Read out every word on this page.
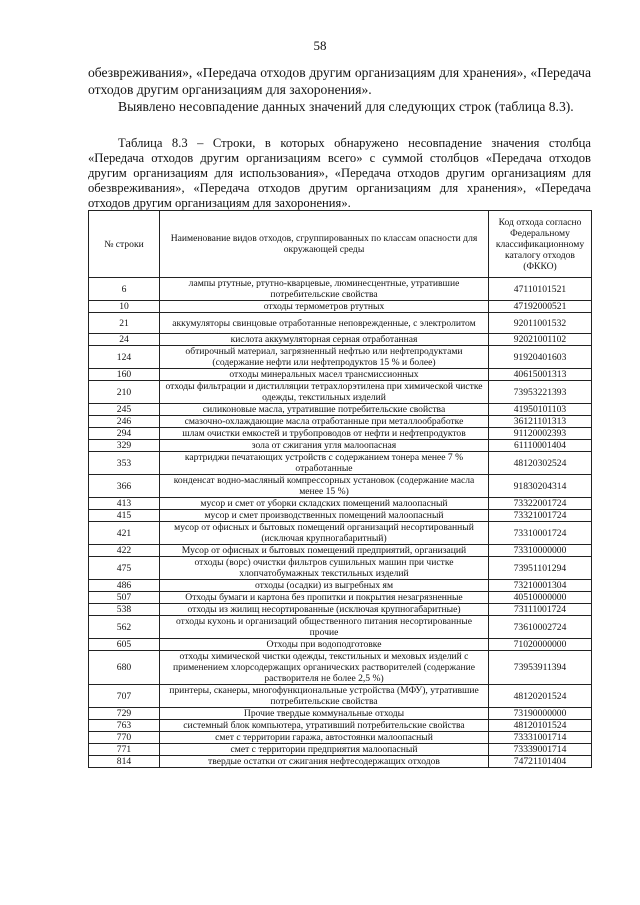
58
обезвреживания», «Передача отходов другим организациям для хранения», «Передача отходов другим организациям для захоронения».
Выявлено несовпадение данных значений для следующих строк (таблица 8.3).
Таблица 8.3 – Строки, в которых обнаружено несовпадение значения столбца «Передача отходов другим организациям всего» с суммой столбцов «Передача отходов другим организациям для использования», «Передача отходов другим организациям для обезвреживания», «Передача отходов другим организациям для хранения», «Передача отходов другим организациям для захоронения».
№ строки	Наименование видов отходов, сгруппированных по классам опасности для окружающей среды	Код отхода согласно Федеральному классификационному каталогу отходов (ФККО)
6	лампы ртутные, ртутно-кварцевые, люминесцентные, утратившие потребительские свойства	47110101521
10	отходы термометров ртутных	47192000521
21	аккумуляторы свинцовые отработанные неповрежденные, с электролитом	92011001532
24	кислота аккумуляторная серная отработанная	92021001102
124	обтирочный материал, загрязненный нефтью или нефтепродуктами (содержание нефти или нефтепродуктов 15 % и более)	91920401603
160	отходы минеральных масел трансмиссионных	40615001313
210	отходы фильтрации и дистилляции тетрахлорэтилена при химической чистке одежды, текстильных изделий	73953221393
245	силиконовые масла, утратившие потребительские свойства	41950101103
246	смазочно-охлаждающие масла отработанные при металлообработке	36121101313
294	шлам очистки емкостей и трубопроводов от нефти и нефтепродуктов	91120002393
329	зола от сжигания угля малоопасная	61110001404
353	картриджи печатающих устройств с содержанием тонера менее 7 % отработанные	48120302524
366	конденсат водно-масляный компрессорных установок (содержание масла менее 15 %)	91830204314
413	мусор и смет от уборки складских помещений малоопасный	73322001724
415	мусор и смет производственных помещений малоопасный	73321001724
421	мусор от офисных и бытовых помещений организаций несортированный (исключая крупногабаритный)	73310001724
422	Мусор от офисных и бытовых помещений предприятий, организаций	73310000000
475	отходы (ворс) очистки фильтров сушильных машин при чистке хлопчатобумажных текстильных изделий	73951101294
486	отходы (осадки) из выгребных ям	73210001304
507	Отходы бумаги и картона без пропитки и покрытия незагрязненные	40510000000
538	отходы из жилищ несортированные (исключая крупногабаритные)	73111001724
562	отходы кухонь и организаций общественного питания несортированные прочие	73610002724
605	Отходы при водоподготовке	71020000000
680	отходы химической чистки одежды, текстильных и меховых изделий с применением хлорсодержащих органических растворителей (содержание растворителя не более 2,5 %)	73953911394
707	принтеры, сканеры, многофункциональные устройства (МФУ), утратившие потребительские свойства	48120201524
729	Прочие твердые коммунальные отходы	73190000000
763	системный блок компьютера, утративший потребительские свойства	48120101524
770	смет с территории гаража, автостоянки малоопасный	73331001714
771	смет с территории предприятия малоопасный	73339001714
814	твердые остатки от сжигания нефтесодержащих отходов	74721101404
